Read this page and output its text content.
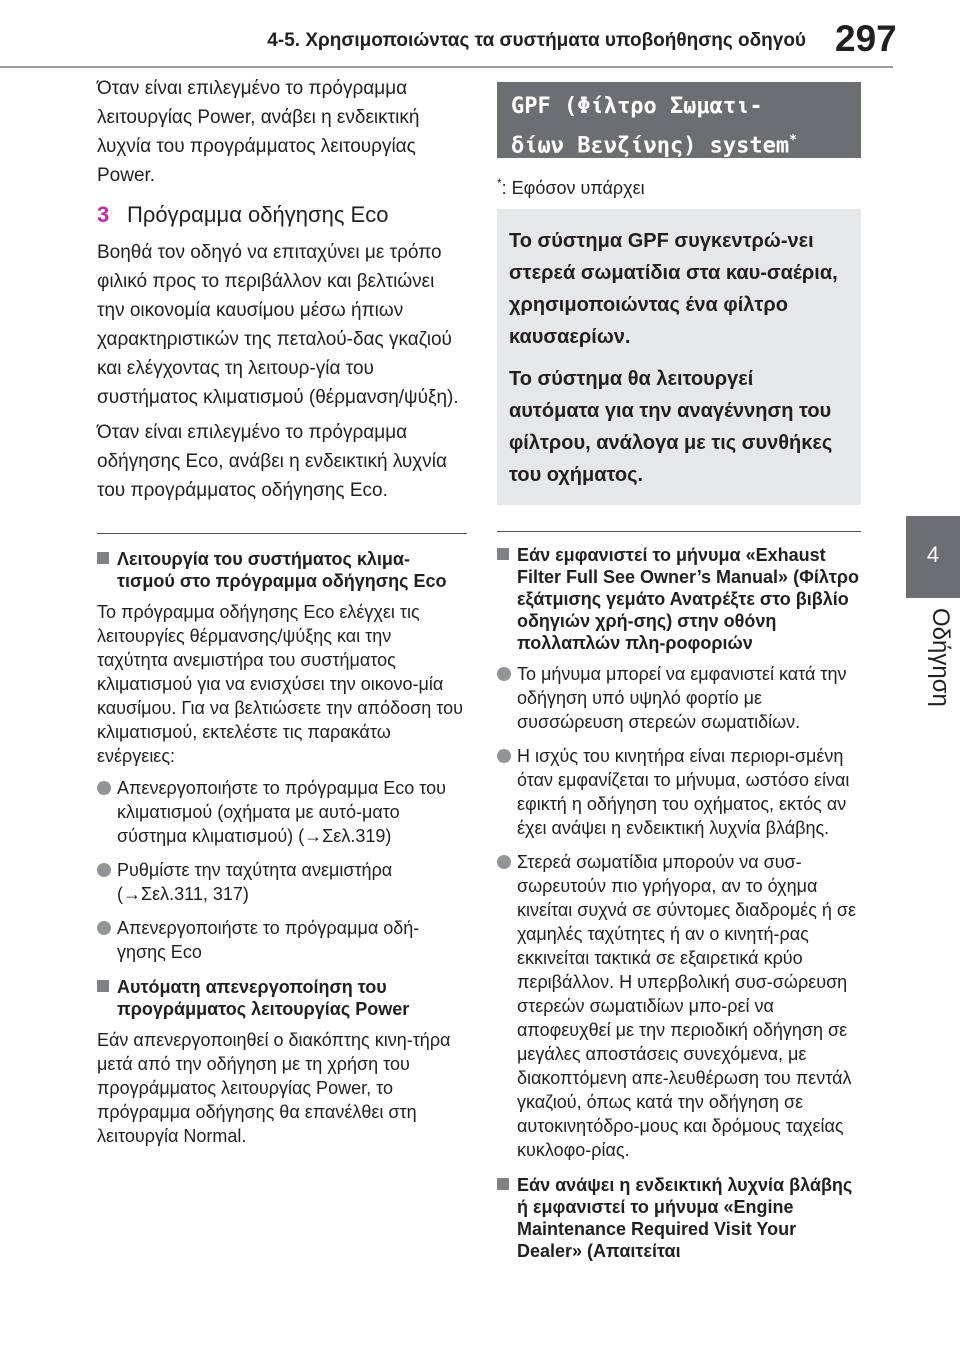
4-5. Χρησιμοποιώντας τα συστήματα υποβοήθησης οδηγού 297
4
Οδήγηση

Όταν είναι επιλεγμένο το πρόγραμμα λειτουργίας Power, ανάβει η ενδεικτική λυχνία του προγράμματος λειτουργίας Power.

3 Πρόγραμμα οδήγησης Eco

Βοηθά τον οδηγό να επιταχύνει με τρόπο φιλικό προς το περιβάλλον και βελτιώνει την οικονομία καυσίμου μέσω ήπιων χαρακτηριστικών της πεταλού-δας γκαζιού και ελέγχοντας τη λειτουρ-γία του συστήματος κλιματισμού (θέρμανση/ψύξη).

Όταν είναι επιλεγμένο το πρόγραμμα οδήγησης Eco, ανάβει η ενδεικτική λυχνία του προγράμματος οδήγησης Eco.

Λειτουργία του συστήματος κλιμα-τισμού στο πρόγραμμα οδήγησης Eco

Το πρόγραμμα οδήγησης Eco ελέγχει τις λειτουργίες θέρμανσης/ψύξης και την ταχύτητα ανεμιστήρα του συστήματος κλιματισμού για να ενισχύσει την οικονο-μία καυσίμου. Για να βελτιώσετε την απόδοση του κλιματισμού, εκτελέστε τις παρακάτω ενέργειες:

Απενεργοποιήστε το πρόγραμμα Eco του κλιματισμού (οχήματα με αυτό-ματο σύστημα κλιματισμού) (→Σελ.319)
Ρυθμίστε την ταχύτητα ανεμιστήρα (→Σελ.311, 317)
Απενεργοποιήστε το πρόγραμμα οδή-γησης Eco
Αυτόματη απενεργοποίηση του προγράμματος λειτουργίας Power

Εάν απενεργοποιηθεί ο διακόπτης κινη-τήρα μετά από την οδήγηση με τη χρήση του προγράμματος λειτουργίας Power, το πρόγραμμα οδήγησης θα επανέλθει στη λειτουργία Normal.

GPF (Φίλτρο Σωματι-
δίων Βενζίνης) system*
*: Εφόσον υπάρχει

Το σύστημα GPF συγκεντρώ-νει στερεά σωματίδια στα καυ-σαέρια, χρησιμοποιώντας ένα φίλτρο καυσαερίων.

Το σύστημα θα λειτουργεί αυτόματα για την αναγέννηση του φίλτρου, ανάλογα με τις συνθήκες του οχήματος.

Εάν εμφανιστεί το μήνυμα «Exhaust Filter Full See Owner’s Manual» (Φίλτρο εξάτμισης γεμάτο Ανατρέξτε στο βιβλίο οδηγιών χρή-σης) στην οθόνη πολλαπλών πλη-ροφοριών
Το μήνυμα μπορεί να εμφανιστεί κατά την οδήγηση υπό υψηλό φορτίο με συσσώρευση στερεών σωματιδίων.
Η ισχύς του κινητήρα είναι περιορι-σμένη όταν εμφανίζεται το μήνυμα, ωστόσο είναι εφικτή η οδήγηση του οχήματος, εκτός αν έχει ανάψει η ενδεικτική λυχνία βλάβης.
Στερεά σωματίδια μπορούν να συσ-σωρευτούν πιο γρήγορα, αν το όχημα κινείται συχνά σε σύντομες διαδρομές ή σε χαμηλές ταχύτητες ή αν ο κινητή-ρας εκκινείται τακτικά σε εξαιρετικά κρύο περιβάλλον. Η υπερβολική συσ-σώρευση στερεών σωματιδίων μπο-ρεί να αποφευχθεί με την περιοδική οδήγηση σε μεγάλες αποστάσεις συνεχόμενα, με διακοπτόμενη απε-λευθέρωση του πεντάλ γκαζιού, όπως κατά την οδήγηση σε αυτοκινητόδρο-μους και δρόμους ταχείας κυκλοφο-ρίας.
Εάν ανάψει η ενδεικτική λυχνία βλάβης ή εμφανιστεί το μήνυμα «Engine Maintenance Required Visit Your Dealer» (Απαιτείται
